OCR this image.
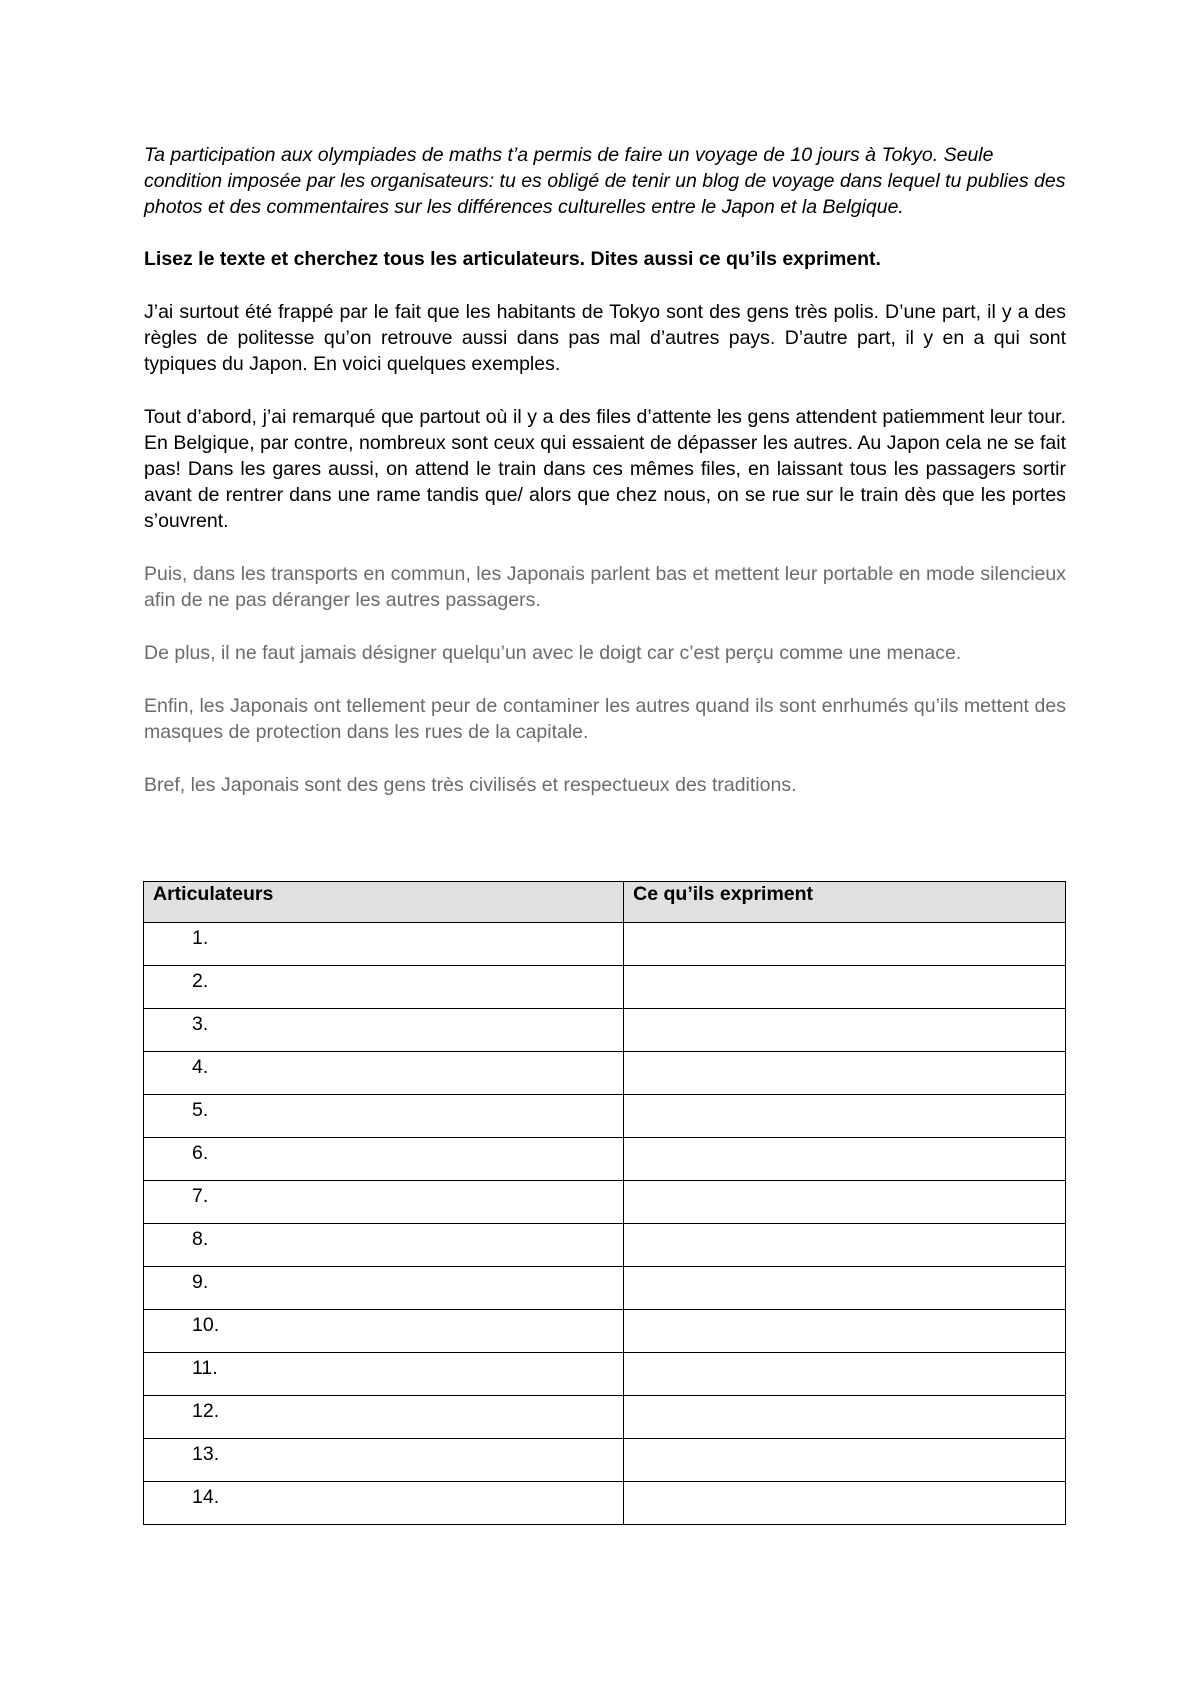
Ta participation aux olympiades de maths t’a permis de faire un voyage de 10 jours à Tokyo. Seule condition imposée par les organisateurs: tu es obligé de tenir un blog de voyage dans lequel tu publies des photos et des commentaires sur les différences culturelles entre le Japon et la Belgique.

Lisez le texte et cherchez tous les articulateurs. Dites aussi ce qu’ils expriment.

J’ai surtout été frappé par le fait que les habitants de Tokyo sont des gens très polis. D’une part, il y a des règles de politesse qu’on retrouve aussi dans pas mal d’autres pays. D’autre part, il y en a qui sont typiques du Japon. En voici quelques exemples.

Tout d’abord, j’ai remarqué que partout où il y a des files d’attente les gens attendent patiemment leur tour. En Belgique, par contre, nombreux sont ceux qui essaient de dépasser les autres. Au Japon cela ne se fait pas! Dans les gares aussi, on attend le train dans ces mêmes files, en laissant tous les passagers sortir avant de rentrer dans une rame tandis que/ alors que chez nous, on se rue sur le train dès que les portes s’ouvrent.

Puis, dans les transports en commun, les Japonais parlent bas et mettent leur portable en mode silencieux afin de ne pas déranger les autres passagers.

De plus, il ne faut jamais désigner quelqu’un avec le doigt car c’est perçu comme une menace.

Enfin, les Japonais ont tellement peur de contaminer les autres quand ils sont enrhumés qu’ils mettent des masques de protection dans les rues de la capitale.

Bref, les Japonais sont des gens très civilisés et respectueux des traditions.

Articulateurs	Ce qu’ils expriment
1.	
2.	
3.	
4.	
5.	
6.	
7.	
8.	
9.	
10.	
11.	
12.	
13.	
14.	
